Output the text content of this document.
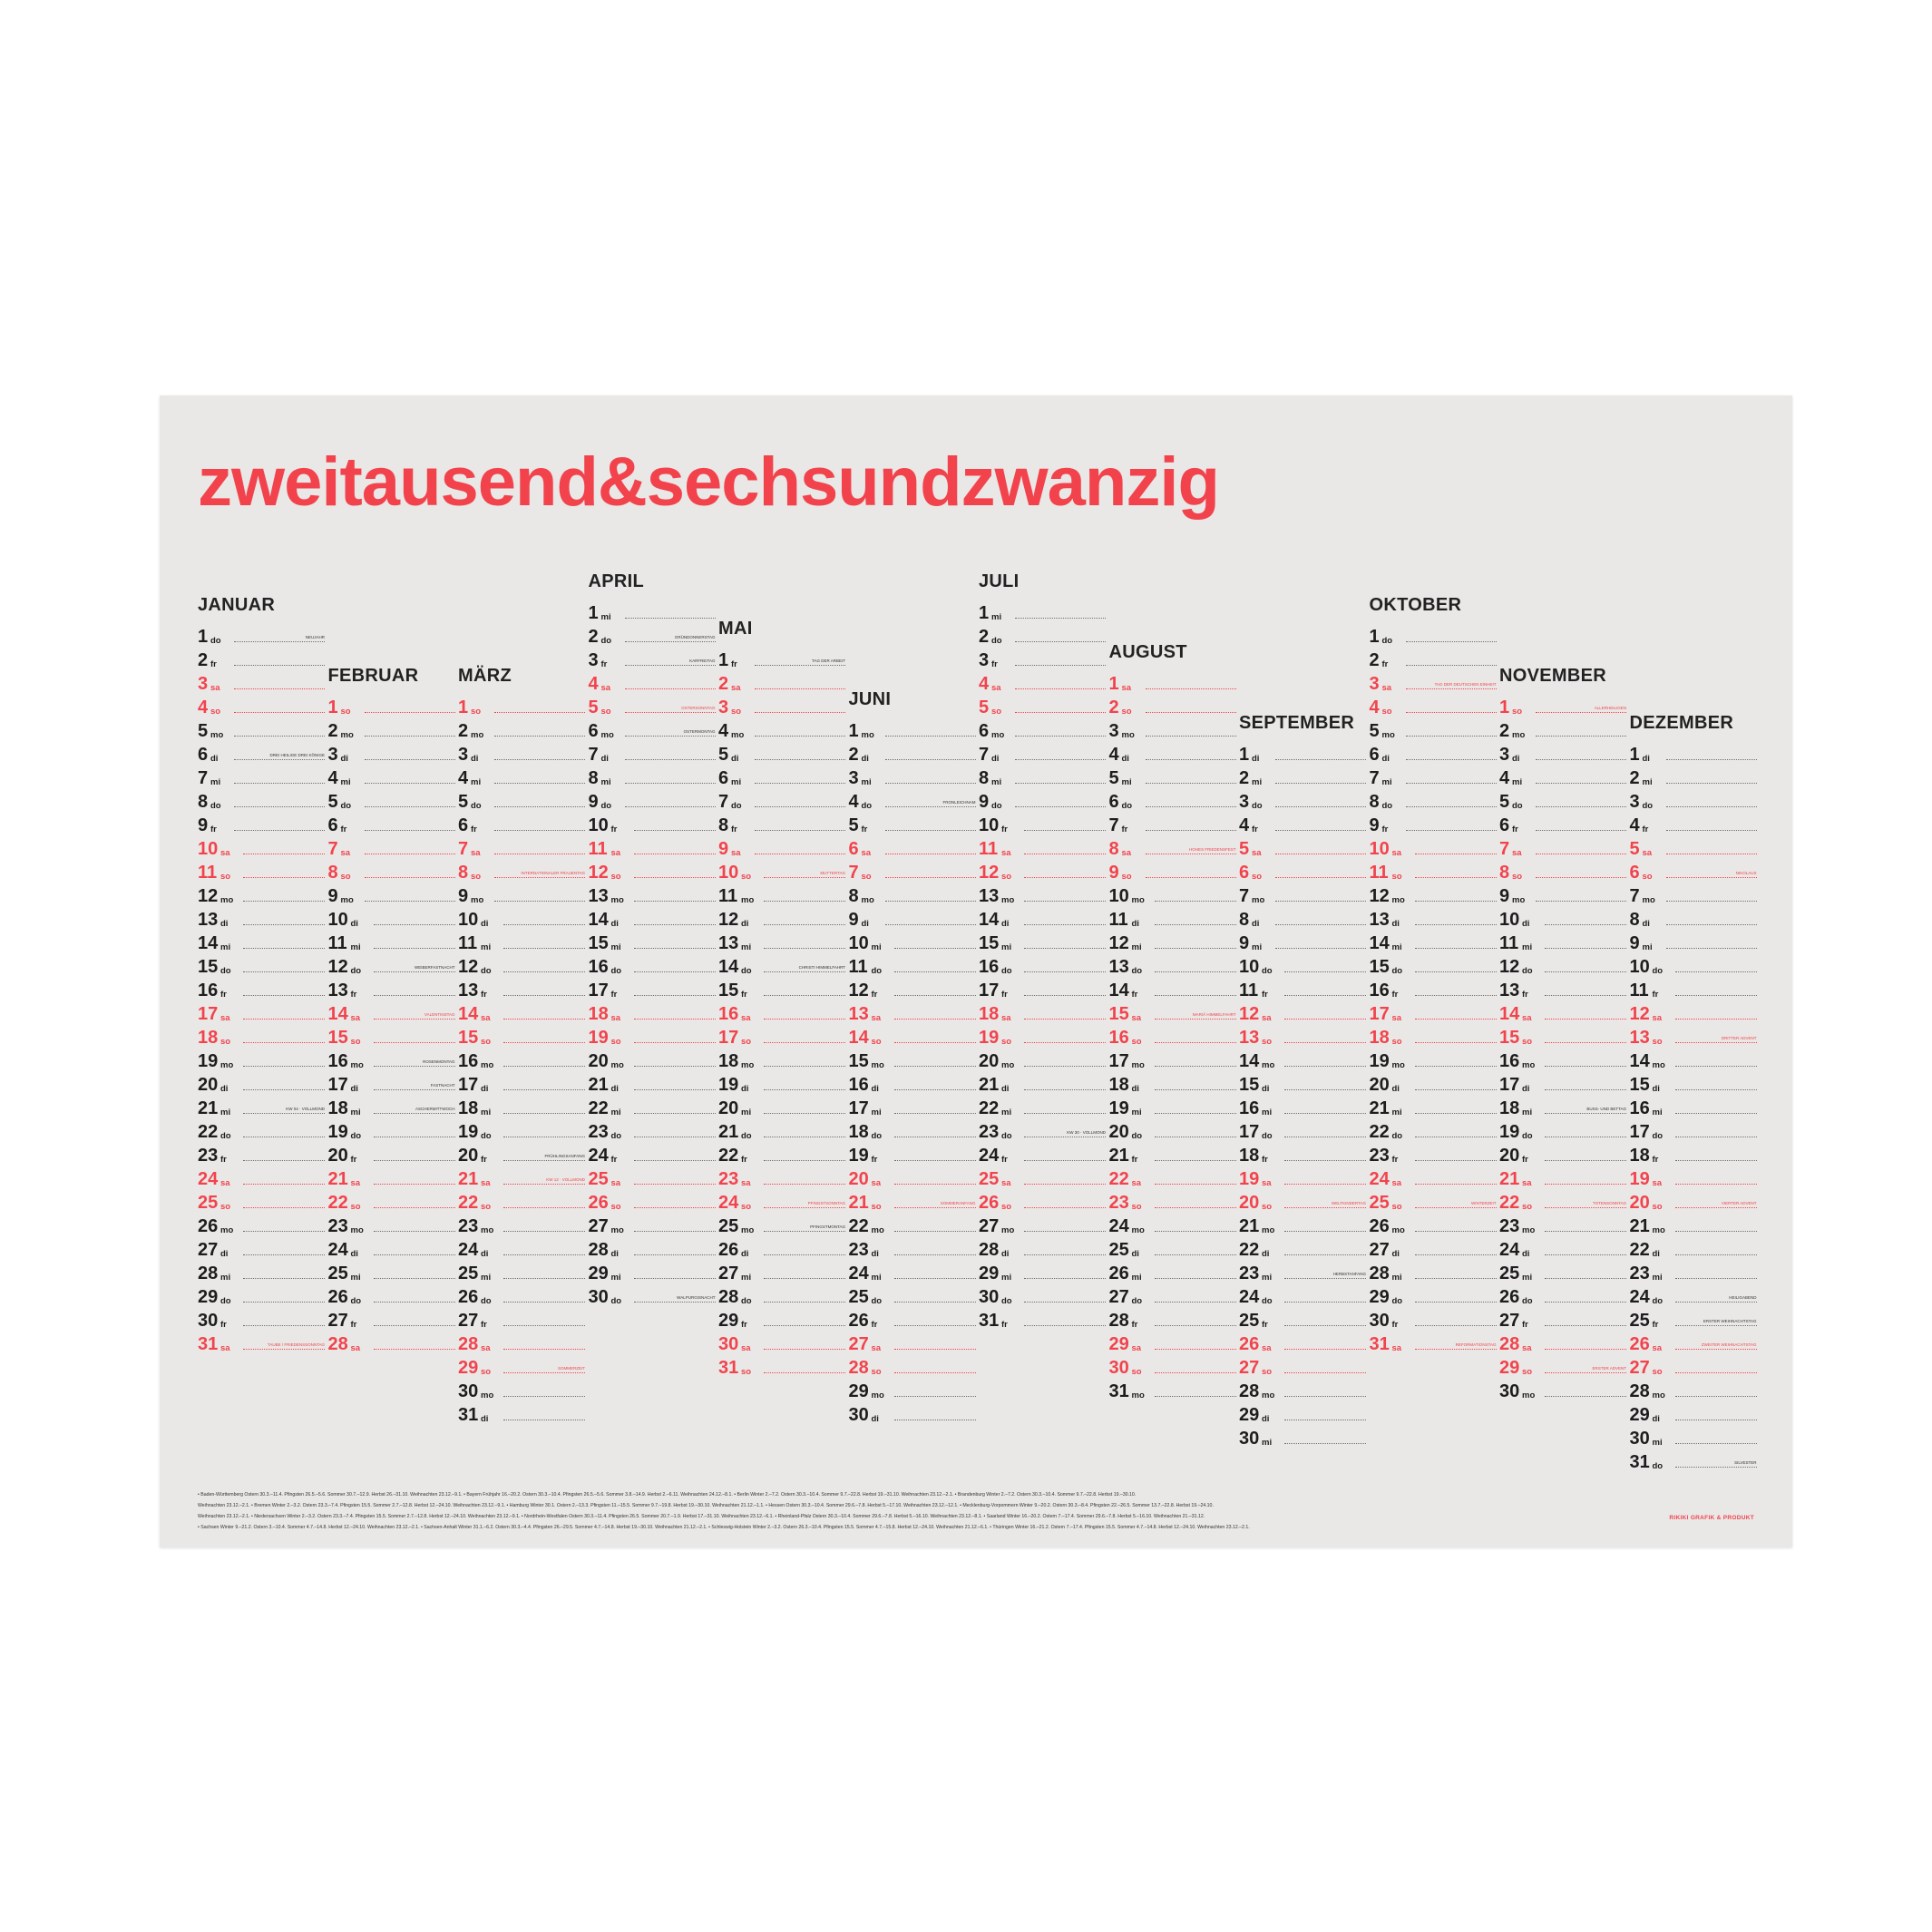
zweitausend&sechsundzwanzig
JANUAR
1 do	NEUJAHR
2 fr
3 sa
4 so
5 mo
6 di	DREI HEILIGE DREI KÖNIGE
7 mi
8 do
9 fr
10 sa
11 so
12 mo
13 di
14 mi
15 do
16 fr
17 sa
18 so
19 mo
20 di
21 mi	KW 04 · VOLLMOND
22 do
23 fr
24 sa
25 so
26 mo
27 di
28 mi
29 do
30 fr
31 sa	TAUBE / FRIEDENSSONNTAG
FEBRUAR
1 so
2 mo
3 di
4 mi
5 do
6 fr
7 sa
8 so
9 mo
10 di
11 mi
12 do	WEIBERFASTNACHT
13 fr
14 sa	VALENTINSTAG
15 so
16 mo	ROSENMONTAG
17 di	FASTNACHT
18 mi	ASCHERMITTWOCH
19 do
20 fr
21 sa
22 so
23 mo
24 di
25 mi
26 do
27 fr
28 sa
MÄRZ
1 so
2 mo
3 di
4 mi
5 do
6 fr
7 sa
8 so	INTERNATIONALER FRAUENTAG
9 mo
10 di
11 mi
12 do
13 fr
14 sa
15 so
16 mo
17 di
18 mi
19 do
20 fr	FRÜHLINGSANFANG
21 sa	KW 12 · VOLLMOND
22 so
23 mo
24 di
25 mi
26 do
27 fr
28 sa
29 so	SOMMERZEIT
30 mo
31 di
APRIL
1 mi
2 do	GRÜNDONNERSTAG
3 fr	KARFREITAG
4 sa
5 so	OSTERSONNTAG
6 mo	OSTERMONTAG
7 di
8 mi
9 do
10 fr
11 sa
12 so
13 mo
14 di
15 mi
16 do
17 fr
18 sa
19 so
20 mo
21 di
22 mi
23 do
24 fr
25 sa
26 so
27 mo
28 di
29 mi
30 do	WALPURGISNACHT
MAI
1 fr	TAG DER ARBEIT
2 sa
3 so
4 mo
5 di
6 mi
7 do
8 fr
9 sa
10 so	MUTTERTAG
11 mo
12 di
13 mi
14 do	CHRISTI HIMMELFAHRT
15 fr
16 sa
17 so
18 mo
19 di
20 mi
21 do
22 fr
23 sa
24 so	PFINGSTSONNTAG
25 mo	PFINGSTMONTAG
26 di
27 mi
28 do
29 fr
30 sa
31 so
JUNI
1 mo
2 di
3 mi
4 do	FRONLEICHNAM
5 fr
6 sa
7 so
8 mo
9 di
10 mi
11 do
12 fr
13 sa
14 so
15 mo
16 di
17 mi
18 do
19 fr
20 sa
21 so	SOMMERANFANG
22 mo
23 di
24 mi
25 do
26 fr
27 sa
28 so
29 mo
30 di
JULI
1 mi
2 do
3 fr
4 sa
5 so
6 mo
7 di
8 mi
9 do
10 fr
11 sa
12 so
13 mo
14 di
15 mi
16 do
17 fr
18 sa
19 so
20 mo
21 di
22 mi
23 do	KW 30 · VOLLMOND
24 fr
25 sa
26 so
27 mo
28 di
29 mi
30 do
31 fr
AUGUST
1 sa
2 so
3 mo
4 di
5 mi
6 do
7 fr
8 sa	HOHES FRIEDENSFEST
9 so
10 mo
11 di
12 mi
13 do
14 fr
15 sa	MARIÄ HIMMELFAHRT
16 so
17 mo
18 di
19 mi
20 do
21 fr
22 sa
23 so
24 mo
25 di
26 mi
27 do
28 fr
29 sa
30 so
31 mo
SEPTEMBER
1 di
2 mi
3 do
4 fr
5 sa
6 so
7 mo
8 di
9 mi
10 do
11 fr
12 sa
13 so
14 mo
15 di
16 mi
17 do
18 fr
19 sa
20 so	WELTKINDERTAG
21 mo
22 di
23 mi	HERBSTANFANG
24 do
25 fr
26 sa
27 so
28 mo
29 di
30 mi
OKTOBER
1 do
2 fr
3 sa	TAG DER DEUTSCHEN EINHEIT
4 so
5 mo
6 di
7 mi
8 do
9 fr
10 sa
11 so
12 mo
13 di
14 mi
15 do
16 fr
17 sa
18 so
19 mo
20 di
21 mi
22 do
23 fr
24 sa
25 so	WINTERZEIT
26 mo
27 di
28 mi
29 do
30 fr
31 sa	REFORMATIONSTAG
NOVEMBER
1 so	ALLERHEILIGEN
2 mo
3 di
4 mi
5 do
6 fr
7 sa
8 so
9 mo
10 di
11 mi
12 do
13 fr
14 sa
15 so
16 mo
17 di
18 mi	BUSS- UND BETTAG
19 do
20 fr
21 sa
22 so	TOTENSONNTAG
23 mo
24 di
25 mi
26 do
27 fr
28 sa
29 so	ERSTER ADVENT
30 mo
DEZEMBER
1 di
2 mi
3 do
4 fr
5 sa
6 so	NIKOLAUS
7 mo
8 di
9 mi
10 do
11 fr
12 sa
13 so	DRITTER ADVENT
14 mo
15 di
16 mi
17 do
18 fr
19 sa
20 so	VIERTER ADVENT
21 mo
22 di
23 mi
24 do	HEILIGABEND
25 fr	ERSTER WEIHNACHTSTAG
26 sa	ZWEITER WEIHNACHTSTAG
27 so
28 mo
29 di
30 mi
31 do	SILVESTER
• Baden-Württemberg Ostern 30.3.–11.4. Pfingsten 26.5.–5.6. Sommer 30.7.–12.9. Herbst 26.–31.10. Weihnachten 23.12.–9.1. • Bayern Frühjahr 16.–20.2. Ostern 30.3.–10.4. Pfingsten 26.5.–5.6. Sommer 3.8.–14.9. Herbst 2.–6.11. Weihnachten 24.12.–8.1. • Berlin Winter 2.–7.2. Ostern 30.3.–10.4. Sommer 9.7.–22.8. Herbst 19.–31.10. Weihnachten 23.12.–2.1. • Brandenburg Winter 2.–7.2. Ostern 30.3.–10.4. Sommer 9.7.–22.8. Herbst 19.–30.10.
Weihnachten 23.12.–2.1. • Bremen Winter 2.–3.2. Ostern 23.3.–7.4. Pfingsten 15.5. Sommer 2.7.–12.8. Herbst 12.–24.10. Weihnachten 23.12.–9.1. • Hamburg Winter 30.1. Ostern 2.–13.3. Pfingsten 11.–15.5. Sommer 9.7.–19.8. Herbst 19.–30.10. Weihnachten 21.12.–1.1. • Hessen Ostern 30.3.–10.4. Sommer 29.6.–7.8. Herbst 5.–17.10. Weihnachten 23.12.–12.1. • Mecklenburg-Vorpommern Winter 9.–20.2. Ostern 30.3.–8.4. Pfingsten 22.–26.5. Sommer 13.7.–22.8. Herbst 19.–24.10.
Weihnachten 23.12.–2.1. • Niedersachsen Winter 2.–3.2. Ostern 23.3.–7.4. Pfingsten 15.5. Sommer 2.7.–12.8. Herbst 12.–24.10. Weihnachten 23.12.–9.1. • Nordrhein-Westfalen Ostern 30.3.–11.4. Pfingsten 26.5. Sommer 20.7.–1.9. Herbst 17.–31.10. Weihnachten 23.12.–6.1. • Rheinland-Pfalz Ostern 30.3.–10.4. Sommer 29.6.–7.8. Herbst 5.–16.10. Weihnachten 23.12.–8.1. • Saarland Winter 16.–20.2. Ostern 7.–17.4. Sommer 29.6.–7.8. Herbst 5.–16.10. Weihnachten 21.–31.12.
• Sachsen Winter 9.–21.2. Ostern 3.–10.4. Sommer 4.7.–14.8. Herbst 12.–24.10. Weihnachten 23.12.–2.1. • Sachsen-Anhalt Winter 31.1.–6.2. Ostern 30.3.–4.4. Pfingsten 26.–29.5. Sommer 4.7.–14.8. Herbst 19.–30.10. Weihnachten 21.12.–2.1. • Schleswig-Holstein Winter 2.–3.2. Ostern 26.3.–10.4. Pfingsten 15.5. Sommer 4.7.–15.8. Herbst 12.–24.10. Weihnachten 21.12.–6.1. • Thüringen Winter 16.–21.2. Ostern 7.–17.4. Pfingsten 15.5. Sommer 4.7.–14.8. Herbst 12.–24.10. Weihnachten 23.12.–2.1.
RIKIKI GRAFIK & PRODUKT
